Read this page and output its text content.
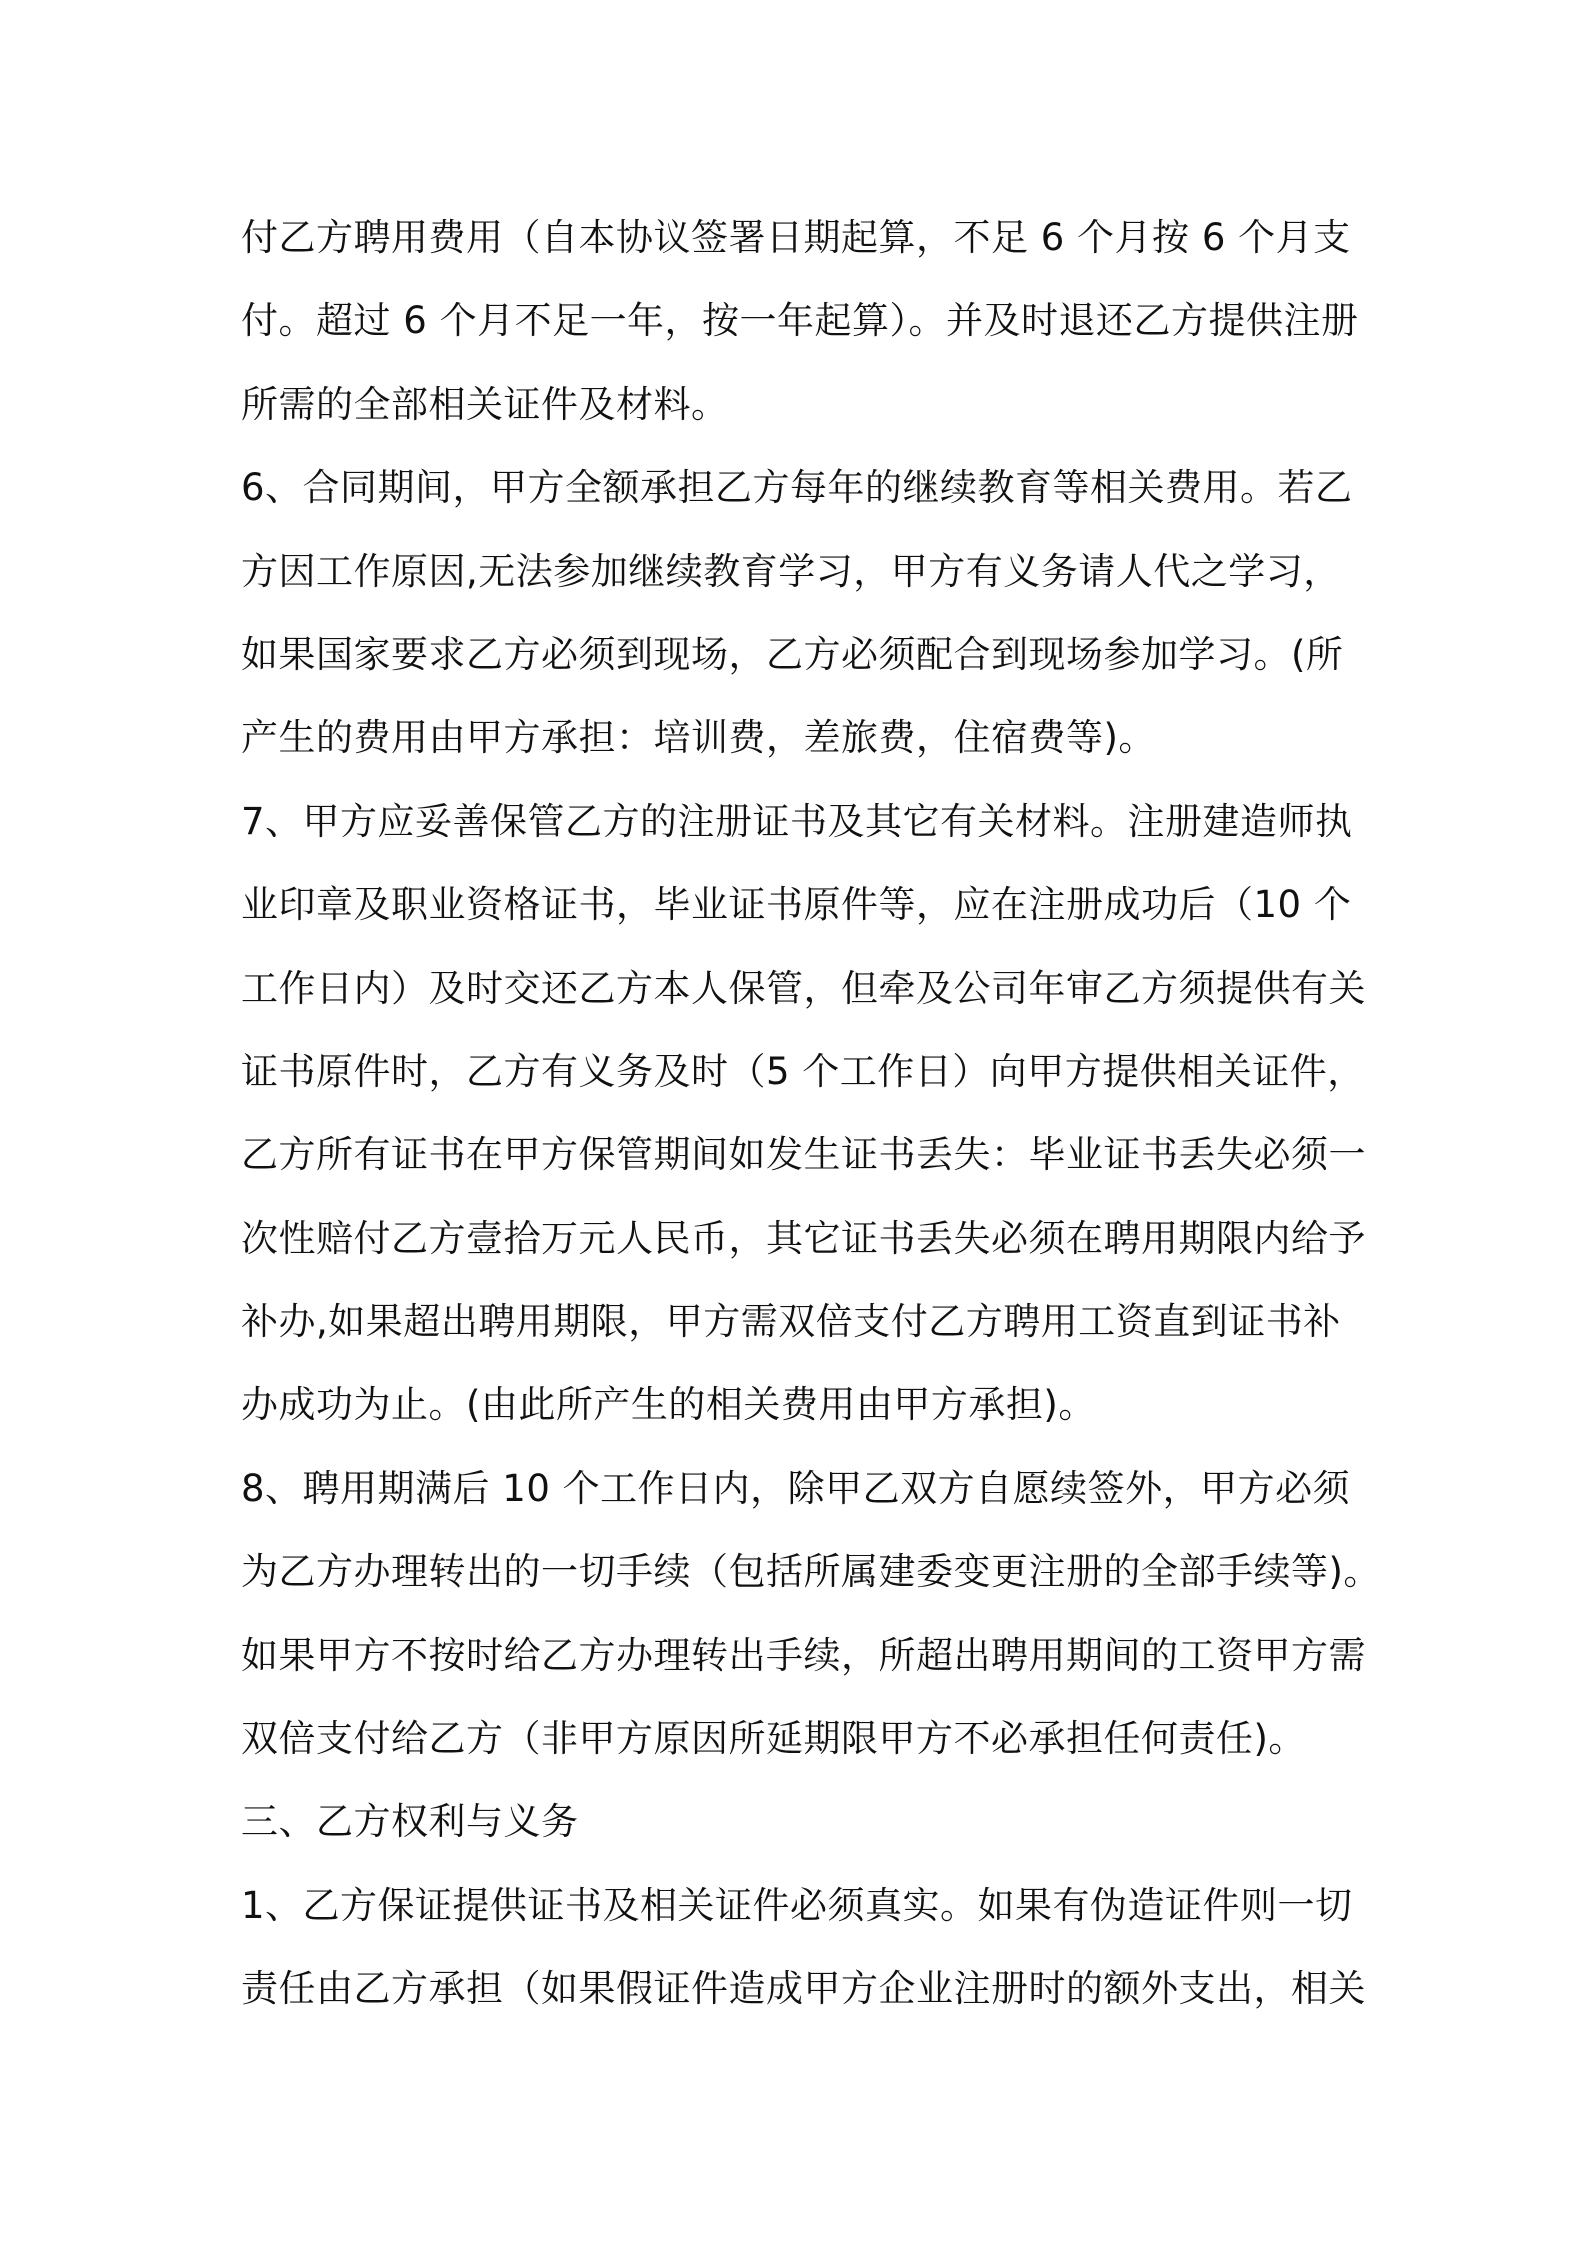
付乙方聘用费用（自本协议签署日期起算，不足 6 个月按 6 个月支
付。超过 6 个月不足一年，按一年起算）。并及时退还乙方提供注册
所需的全部相关证件及材料。
6、合同期间，甲方全额承担乙方每年的继续教育等相关费用。若乙
方因工作原因,无法参加继续教育学习，甲方有义务请人代之学习，
如果国家要求乙方必须到现场，乙方必须配合到现场参加学习。(所
产生的费用由甲方承担：培训费，差旅费，住宿费等)。
7、甲方应妥善保管乙方的注册证书及其它有关材料。注册建造师执
业印章及职业资格证书，毕业证书原件等，应在注册成功后（10 个
工作日内）及时交还乙方本人保管，但牵及公司年审乙方须提供有关
证书原件时，乙方有义务及时（5 个工作日）向甲方提供相关证件，
乙方所有证书在甲方保管期间如发生证书丢失：毕业证书丢失必须一
次性赔付乙方壹拾万元人民币，其它证书丢失必须在聘用期限内给予
补办,如果超出聘用期限，甲方需双倍支付乙方聘用工资直到证书补
办成功为止。(由此所产生的相关费用由甲方承担)。
8、聘用期满后 10 个工作日内，除甲乙双方自愿续签外，甲方必须
为乙方办理转出的一切手续（包括所属建委变更注册的全部手续等)。
如果甲方不按时给乙方办理转出手续，所超出聘用期间的工资甲方需
双倍支付给乙方（非甲方原因所延期限甲方不必承担任何责任)。
三、乙方权利与义务
1、乙方保证提供证书及相关证件必须真实。如果有伪造证件则一切
责任由乙方承担（如果假证件造成甲方企业注册时的额外支出，相关
